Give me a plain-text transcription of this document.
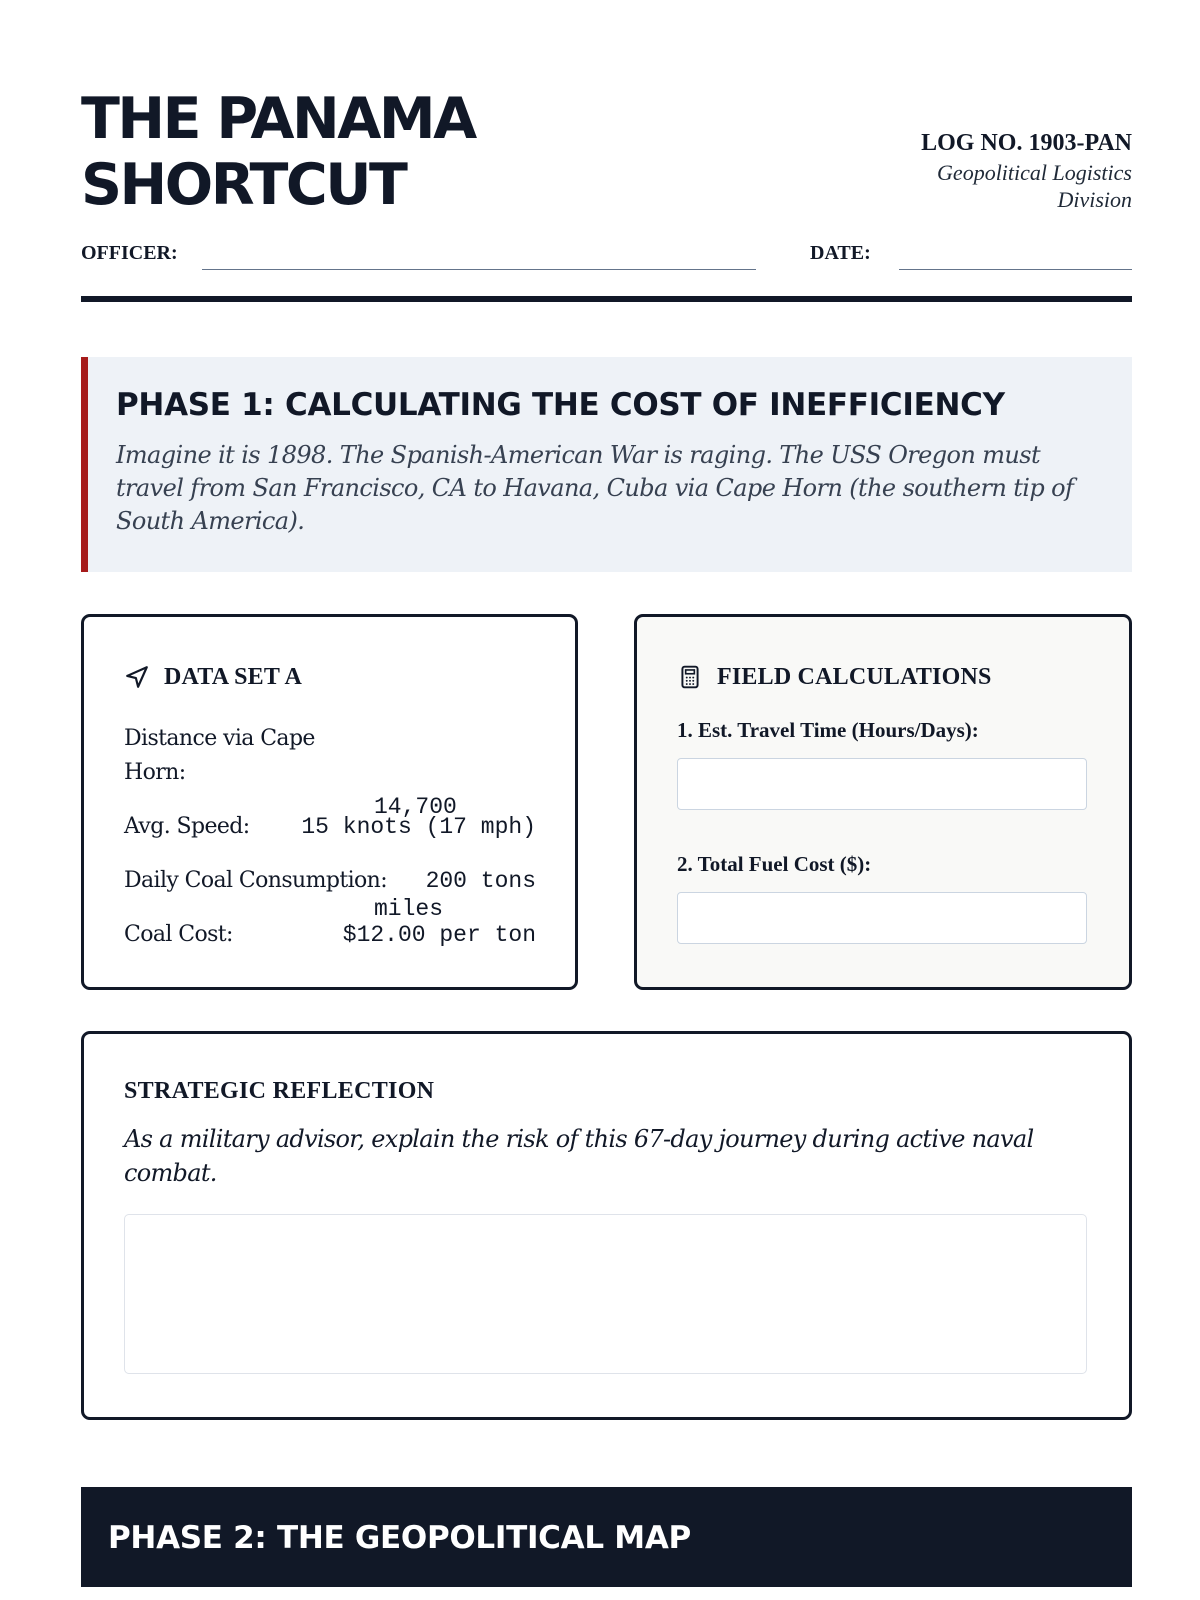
THE PANAMA
SHORTCUT
LOG NO. 1903-PAN
Geopolitical Logistics
Division
OFFICER:	DATE:
PHASE 1: CALCULATING THE COST OF INEFFICIENCY

Imagine it is 1898. The Spanish-American War is raging. The USS Oregon must travel from San Francisco, CA to Havana, Cuba via Cape Horn (the southern tip of South America).

DATA SET A
Distance via Cape
Horn:

14,700

miles

Avg. Speed: 15 knots (17 mph)
Daily Coal Consumption: 200 tons
Coal Cost:	$12.00 per ton
FIELD CALCULATIONS
1. Est. Travel Time (Hours/Days):
2. Total Fuel Cost ($):
STRATEGIC REFLECTION
As a military advisor, explain the risk of this 67-day journey during active naval combat.
PHASE 2: THE GEOPOLITICAL MAP
